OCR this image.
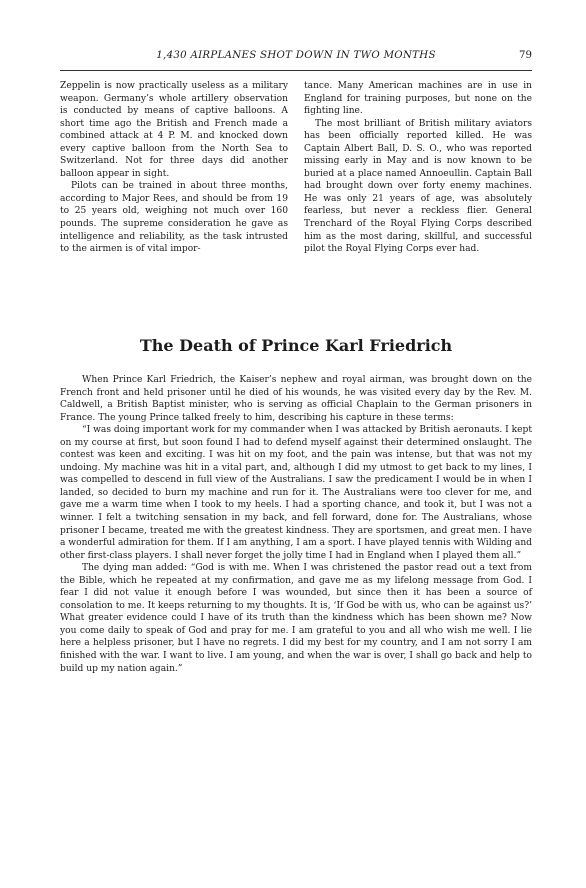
1,430 AIRPLANES SHOT DOWN IN TWO MONTHS	79

Zeppelin is now practically useless as a military weapon. Germany’s whole artillery observation is conducted by means of captive balloons. A short time ago the British and French made a combined attack at 4 P. M. and knocked down every captive balloon from the North Sea to Switzerland. Not for three days did another balloon appear in sight.

Pilots can be trained in about three months, according to Major Rees, and should be from 19 to 25 years old, weighing not much over 160 pounds. The supreme consideration he gave as intelligence and reliability, as the task intrusted to the airmen is of vital impor-

tance. Many American machines are in use in England for training purposes, but none on the fighting line.

The most brilliant of British military aviators has been officially reported killed. He was Captain Albert Ball, D. S. O., who was reported missing early in May and is now known to be buried at a place named Annoeullin. Captain Ball had brought down over forty enemy machines. He was only 21 years of age, was absolutely fearless, but never a reckless flier. General Trenchard of the Royal Flying Corps described him as the most daring, skillful, and successful pilot the Royal Flying Corps ever had.

The Death of Prince Karl Friedrich

When Prince Karl Friedrich, the Kaiser’s nephew and royal airman, was brought down on the French front and held prisoner until he died of his wounds, he was visited every day by the Rev. M. Caldwell, a British Baptist minister, who is serving as official Chaplain to the German prisoners in France. The young Prince talked freely to him, describing his capture in these terms:

“I was doing important work for my commander when I was attacked by British aeronauts. I kept on my course at first, but soon found I had to defend myself against their determined onslaught. The contest was keen and exciting. I was hit on my foot, and the pain was intense, but that was not my undoing. My machine was hit in a vital part, and, although I did my utmost to get back to my lines, I was compelled to descend in full view of the Australians. I saw the predicament I would be in when I landed, so decided to burn my machine and run for it. The Australians were too clever for me, and gave me a warm time when I took to my heels. I had a sporting chance, and took it, but I was not a winner. I felt a twitching sensation in my back, and fell forward, done for. The Australians, whose prisoner I became, treated me with the greatest kindness. They are sportsmen, and great men. I have a wonderful admiration for them. If I am anything, I am a sport. I have played tennis with Wilding and other first-class players. I shall never forget the jolly time I had in England when I played them all.”

The dying man added: “God is with me. When I was christened the pastor read out a text from the Bible, which he repeated at my confirmation, and gave me as my lifelong message from God. I fear I did not value it enough before I was wounded, but since then it has been a source of consolation to me. It keeps returning to my thoughts. It is, ‘If God be with us, who can be against us?’ What greater evidence could I have of its truth than the kindness which has been shown me? Now you come daily to speak of God and pray for me. I am grateful to you and all who wish me well. I lie here a helpless prisoner, but I have no regrets. I did my best for my country, and I am not sorry I am finished with the war. I want to live. I am young, and when the war is over, I shall go back and help to build up my nation again.”
